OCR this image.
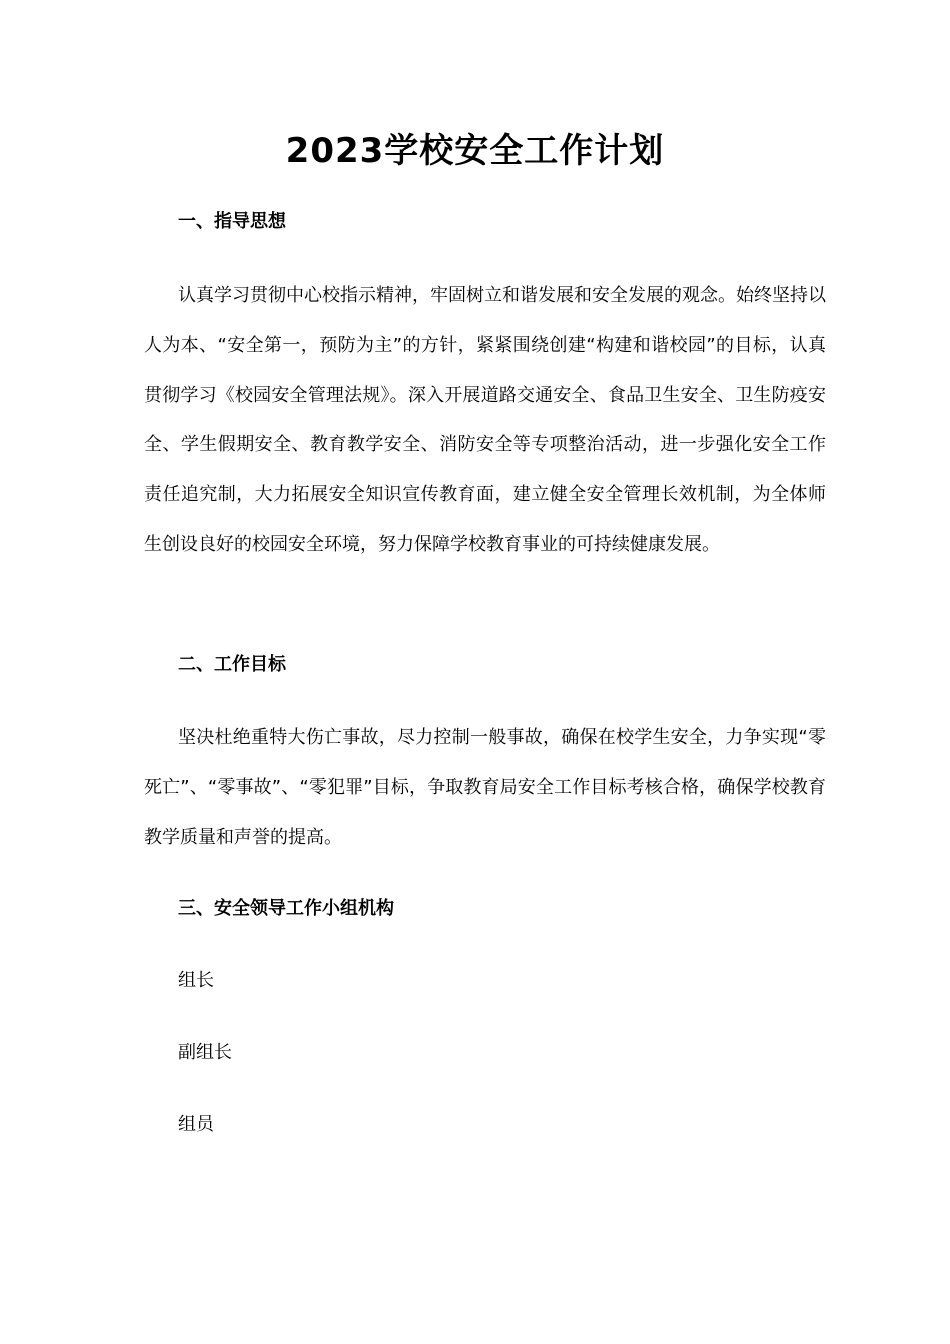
2023学校安全工作计划
一、指导思想

认真学习贯彻中心校指示精神，牢固树立和谐发展和安全发展的观念。始终坚持以人为本、“安全第一，预防为主”的方针，紧紧围绕创建“构建和谐校园”的目标，认真贯彻学习《校园安全管理法规》。深入开展道路交通安全、食品卫生安全、卫生防疫安全、学生假期安全、教育教学安全、消防安全等专项整治活动，进一步强化安全工作责任追究制，大力拓展安全知识宣传教育面，建立健全安全管理长效机制，为全体师生创设良好的校园安全环境，努力保障学校教育事业的可持续健康发展。

二、工作目标

坚决杜绝重特大伤亡事故，尽力控制一般事故，确保在校学生安全，力争实现“零死亡”、“零事故”、“零犯罪”目标，争取教育局安全工作目标考核合格，确保学校教育教学质量和声誉的提高。

三、安全领导工作小组机构

组长

副组长

组员
